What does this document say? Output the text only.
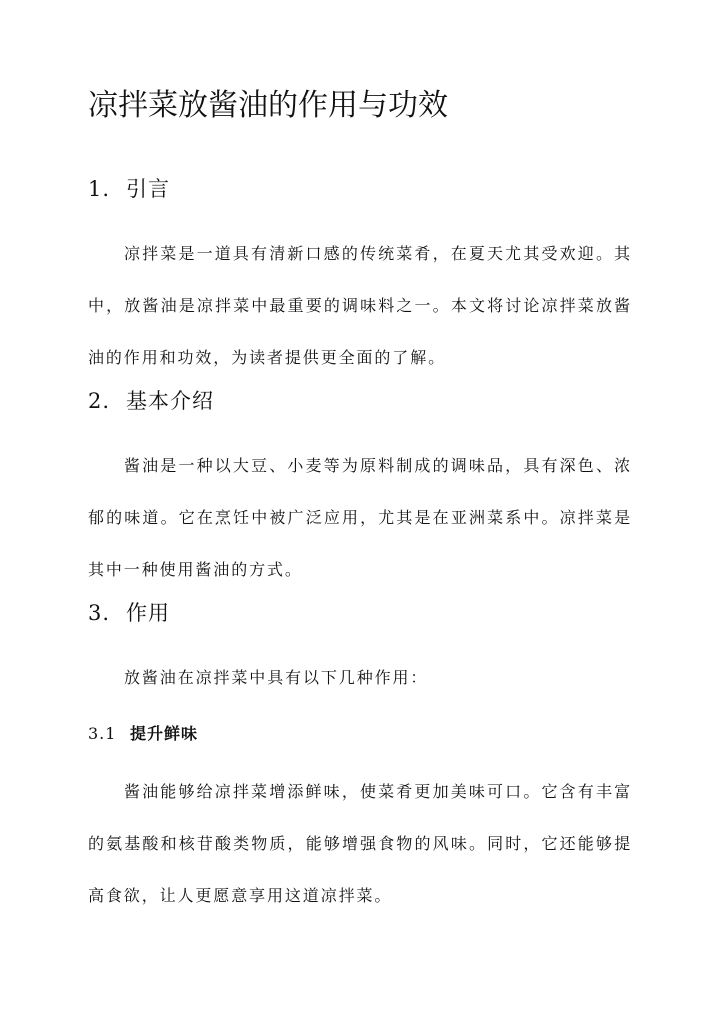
凉拌菜放酱油的作用与功效
1. 引言

凉拌菜是一道具有清新口感的传统菜肴，在夏天尤其受欢迎。其中，放酱油是凉拌菜中最重要的调味料之一。本文将讨论凉拌菜放酱油的作用和功效，为读者提供更全面的了解。

2. 基本介绍

酱油是一种以大豆、小麦等为原料制成的调味品，具有深色、浓郁的味道。它在烹饪中被广泛应用，尤其是在亚洲菜系中。凉拌菜是其中一种使用酱油的方式。

3. 作用

放酱油在凉拌菜中具有以下几种作用：

3.1 提升鲜味

酱油能够给凉拌菜增添鲜味，使菜肴更加美味可口。它含有丰富的氨基酸和核苷酸类物质，能够增强食物的风味。同时，它还能够提高食欲，让人更愿意享用这道凉拌菜。
